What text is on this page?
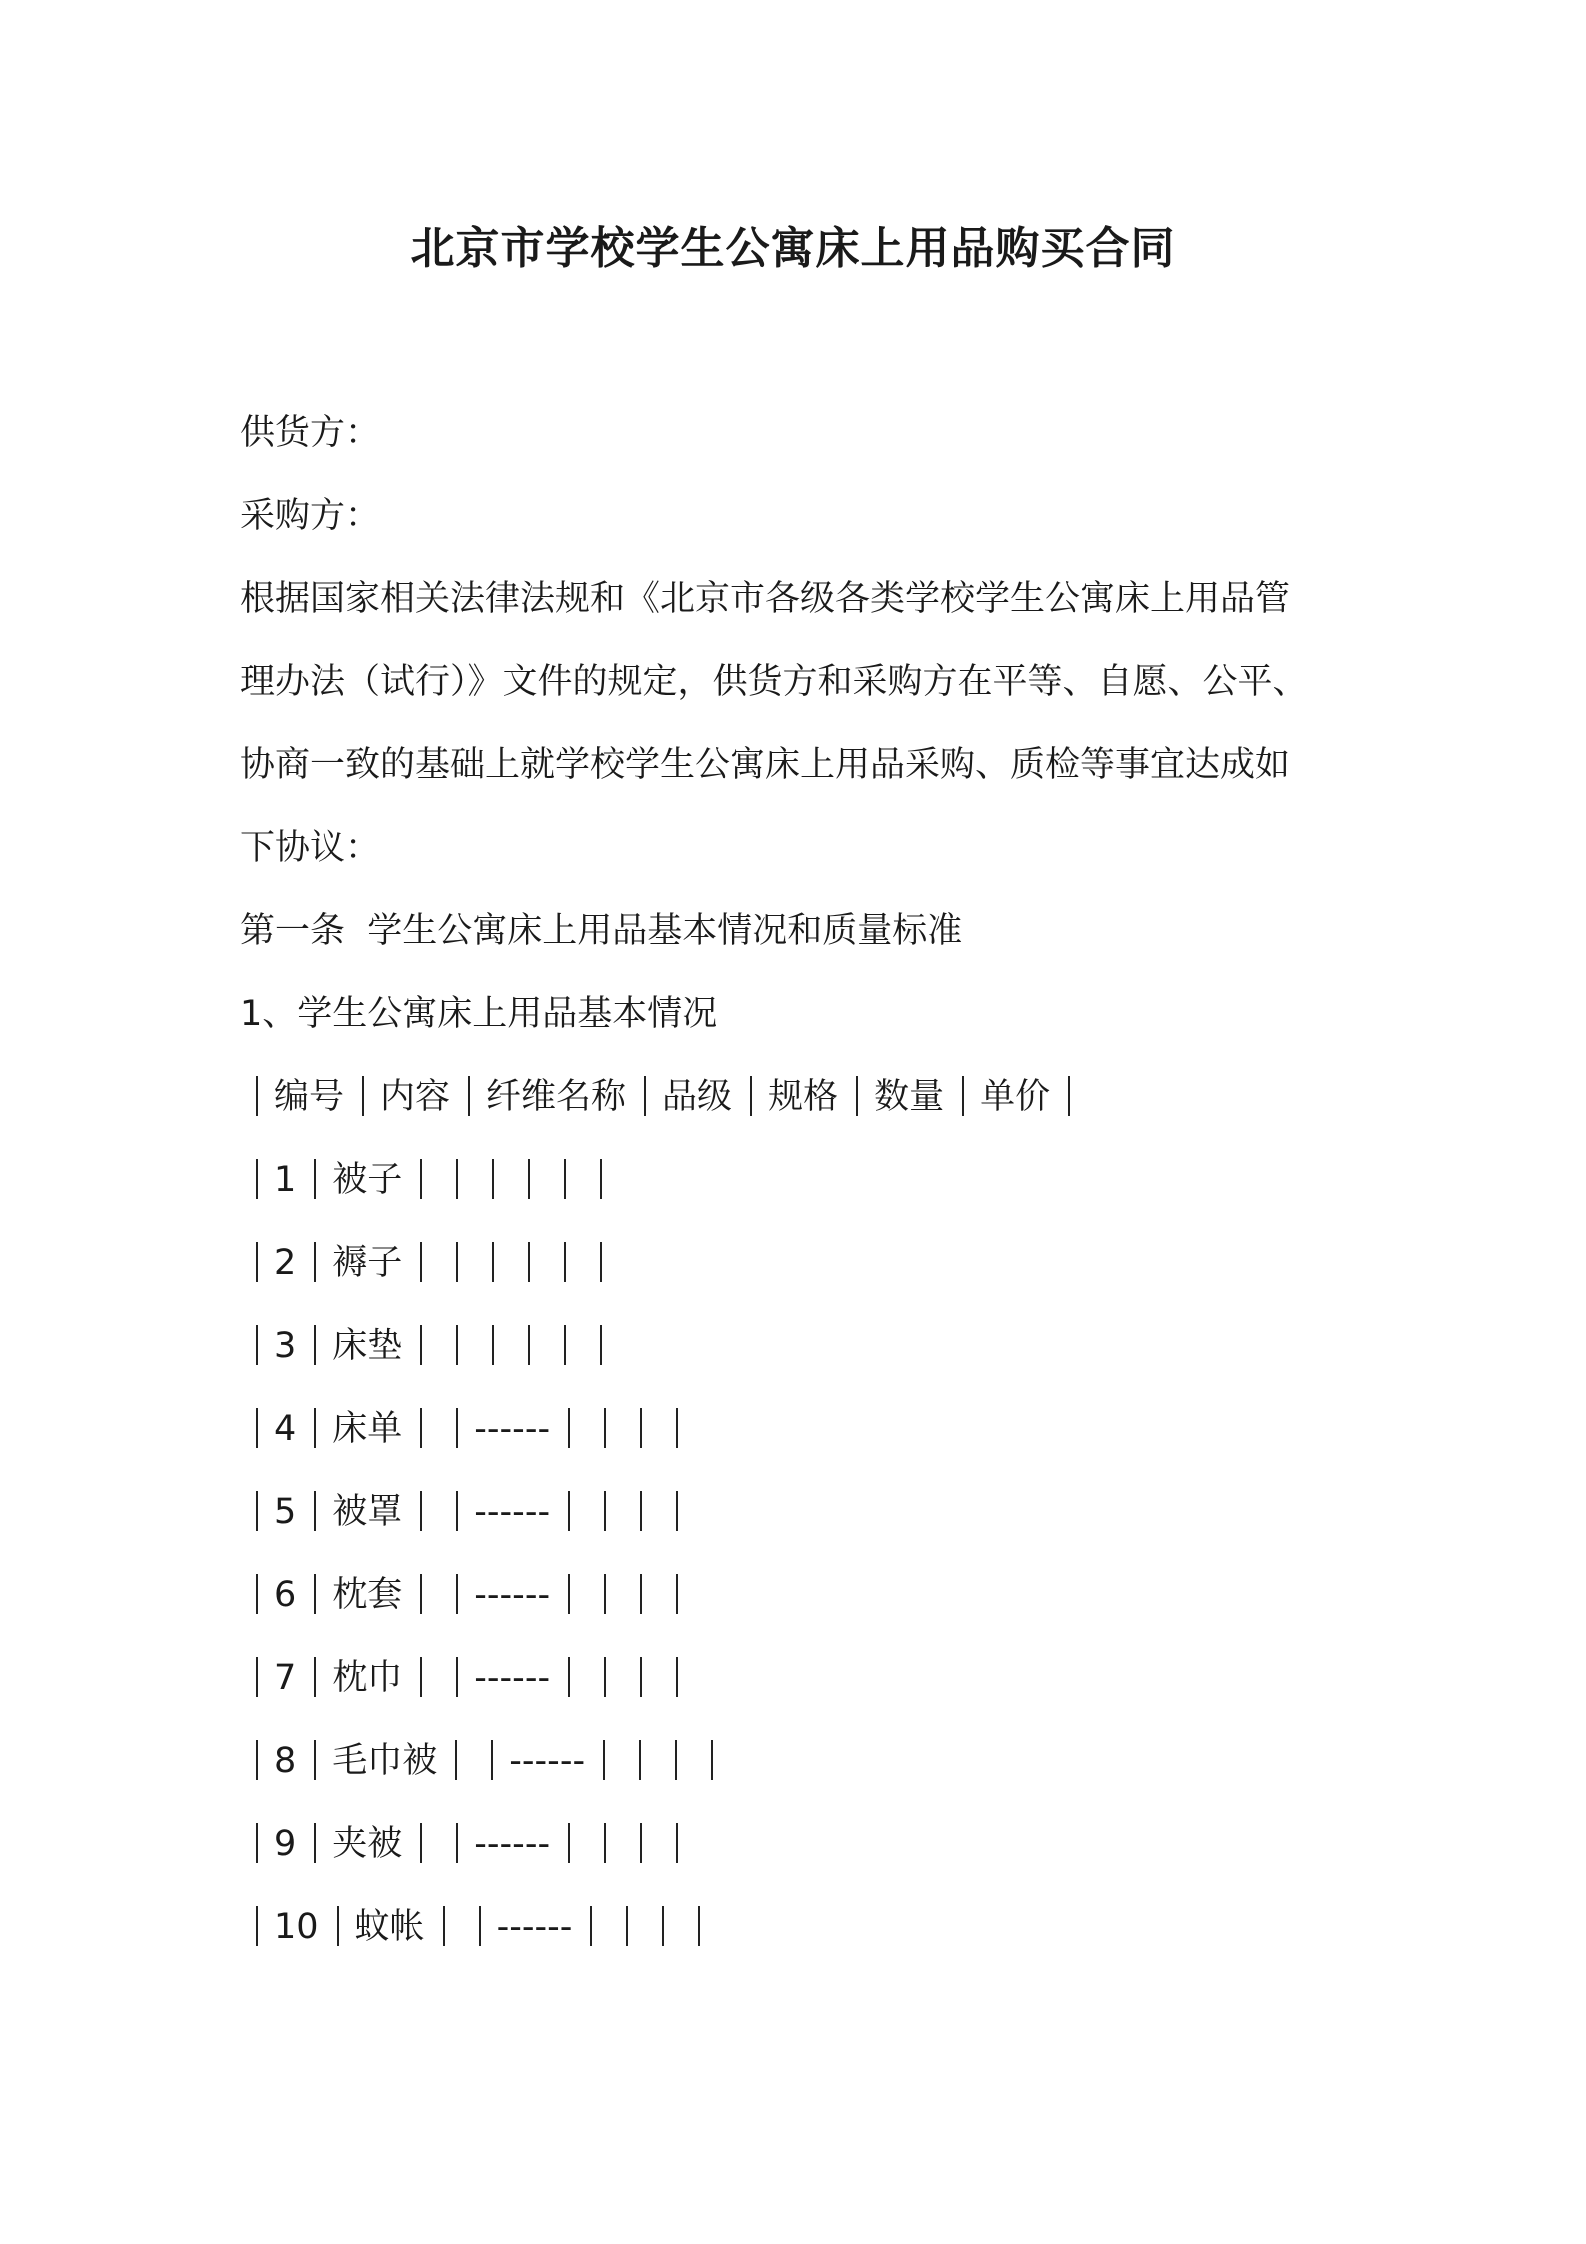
北京市学校学生公寓床上用品购买合同

供货方：

采购方：

根据国家相关法律法规和《北京市各级各类学校学生公寓床上用品管

理办法（试行）》文件的规定，供货方和采购方在平等、自愿、公平、

协商一致的基础上就学校学生公寓床上用品采购、质检等事宜达成如

下协议：

第一条  学生公寓床上用品基本情况和质量标准

1、学生公寓床上用品基本情况

编号 内容 纤维名称 品级 规格 数量 单价
1 被子
2 褥子
3 床垫
4 床单 ------
5 被罩 ------
6 枕套 ------
7 枕巾 ------
8 毛巾被 ------
9 夹被 ------
10 蚊帐 ------
